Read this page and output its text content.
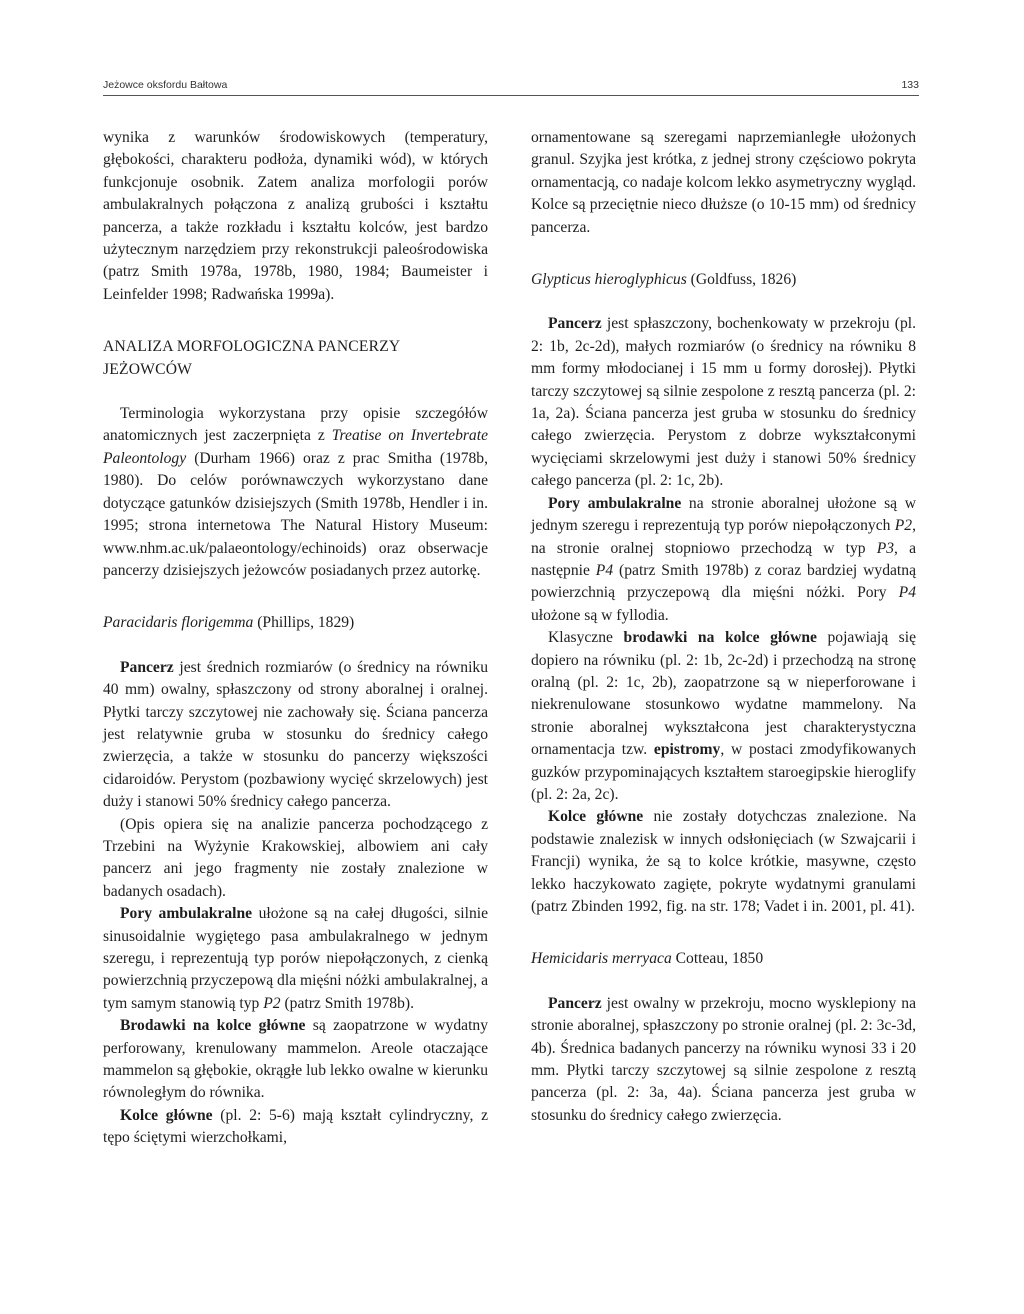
Jeżowce oksfordu Bałtowa	133

wynika z warunków środowiskowych (temperatury, głębokości, charakteru podłoża, dynamiki wód), w których funkcjonuje osobnik. Zatem analiza morfologii porów ambulakralnych połączona z analizą grubości i kształtu pancerza, a także rozkładu i kształtu kolców, jest bardzo użytecznym narzędziem przy rekonstrukcji paleośrodowiska (patrz Smith 1978a, 1978b, 1980, 1984; Baumeister i Leinfelder 1998; Radwańska 1999a).

ANALIZA MORFOLOGICZNA PANCERZY
JEŻOWCÓW

Terminologia wykorzystana przy opisie szczegółów anatomicznych jest zaczerpnięta z Treatise on Invertebrate Paleontology (Durham 1966) oraz z prac Smitha (1978b, 1980). Do celów porównawczych wykorzystano dane dotyczące gatunków dzisiejszych (Smith 1978b, Hendler i in. 1995; strona internetowa The Natural History Museum: www.nhm.ac.uk/palaeontology/echinoids) oraz obserwacje pancerzy dzisiejszych jeżowców posiadanych przez autorkę.

Paracidaris florigemma (Phillips, 1829)

Pancerz jest średnich rozmiarów (o średnicy na równiku 40 mm) owalny, spłaszczony od strony aboralnej i oralnej. Płytki tarczy szczytowej nie zachowały się. Ściana pancerza jest relatywnie gruba w stosunku do średnicy całego zwierzęcia, a także w stosunku do pancerzy większości cidaroidów. Perystom (pozbawiony wycięć skrzelowych) jest duży i stanowi 50% średnicy całego pancerza.

(Opis opiera się na analizie pancerza pochodzącego z Trzebini na Wyżynie Krakowskiej, albowiem ani cały pancerz ani jego fragmenty nie zostały znalezione w badanych osadach).

Pory ambulakralne ułożone są na całej długości, silnie sinusoidalnie wygiętego pasa ambulakralnego w jednym szeregu, i reprezentują typ porów niepołączonych, z cienką powierzchnią przyczepową dla mięśni nóżki ambulakralnej, a tym samym stanowią typ P2 (patrz Smith 1978b).

Brodawki na kolce główne są zaopatrzone w wydatny perforowany, krenulowany mammelon. Areole otaczające mammelon są głębokie, okrągłe lub lekko owalne w kierunku równoległym do równika.

Kolce główne (pl. 2: 5-6) mają kształt cylindryczny, z tępo ściętymi wierzchołkami,

ornamentowane są szeregami naprzemianległe ułożonych granul. Szyjka jest krótka, z jednej strony częściowo pokryta ornamentacją, co nadaje kolcom lekko asymetryczny wygląd. Kolce są przeciętnie nieco dłuższe (o 10-15 mm) od średnicy pancerza.

Glypticus hieroglyphicus (Goldfuss, 1826)

Pancerz jest spłaszczony, bochenkowaty w przekroju (pl. 2: 1b, 2c-2d), małych rozmiarów (o średnicy na równiku 8 mm formy młodocianej i 15 mm u formy dorosłej). Płytki tarczy szczytowej są silnie zespolone z resztą pancerza (pl. 2: 1a, 2a). Ściana pancerza jest gruba w stosunku do średnicy całego zwierzęcia. Perystom z dobrze wykształconymi wycięciami skrzelowymi jest duży i stanowi 50% średnicy całego pancerza (pl. 2: 1c, 2b).

Pory ambulakralne na stronie aboralnej ułożone są w jednym szeregu i reprezentują typ porów niepołączonych P2, na stronie oralnej stopniowo przechodzą w typ P3, a następnie P4 (patrz Smith 1978b) z coraz bardziej wydatną powierzchnią przyczepową dla mięśni nóżki. Pory P4 ułożone są w fyllodia.

Klasyczne brodawki na kolce główne pojawiają się dopiero na równiku (pl. 2: 1b, 2c-2d) i przechodzą na stronę oralną (pl. 2: 1c, 2b), zaopatrzone są w nieperforowane i niekrenulowane stosunkowo wydatne mammelony. Na stronie aboralnej wykształcona jest charakterystyczna ornamentacja tzw. epistromy, w postaci zmodyfikowanych guzków przypominających kształtem staroegipskie hieroglify (pl. 2: 2a, 2c).

Kolce główne nie zostały dotychczas znalezione. Na podstawie znalezisk w innych odsłonięciach (w Szwajcarii i Francji) wynika, że są to kolce krótkie, masywne, często lekko haczykowato zagięte, pokryte wydatnymi granulami (patrz Zbinden 1992, fig. na str. 178; Vadet i in. 2001, pl. 41).

Hemicidaris merryaca Cotteau, 1850

Pancerz jest owalny w przekroju, mocno wysklepiony na stronie aboralnej, spłaszczony po stronie oralnej (pl. 2: 3c-3d, 4b). Średnica badanych pancerzy na równiku wynosi 33 i 20 mm. Płytki tarczy szczytowej są silnie zespolone z resztą pancerza (pl. 2: 3a, 4a). Ściana pancerza jest gruba w stosunku do średnicy całego zwierzęcia.
